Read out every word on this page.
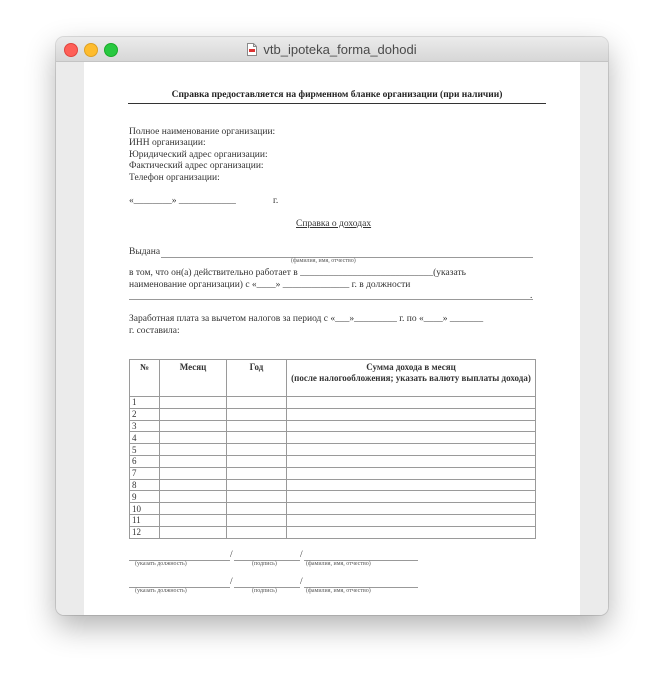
vtb_ipoteka_forma_dohodi
Справка предоставляется на фирменном бланке организации (при наличии)
Полное наименование организации:
ИНН организации:
Юридический адрес организации:
Фактический адрес организации:
Телефон организации:
«________» ____________	г.
Справка о доходах
Выдана
(фамилия, имя, отчество)
в том, что он(а) действительно работает в ____________________________(указать
наименование организации) с «____» ______________ г. в должности
.
Заработная плата за вычетом налогов за период с «___»_________ г. по «____» _______
г. составила:
№	Месяц	Год	Сумма дохода в месяц
(после налогообложения; указать валюту выплаты дохода)
1			
2			
3			
4			
5			
6			
7			
8			
9			
10			
11			
12			
/	/
(указать должность)	(подпись)	(фамилия, имя, отчество)
/	/
(указать должность)	(подпись)	(фамилия, имя, отчество)
